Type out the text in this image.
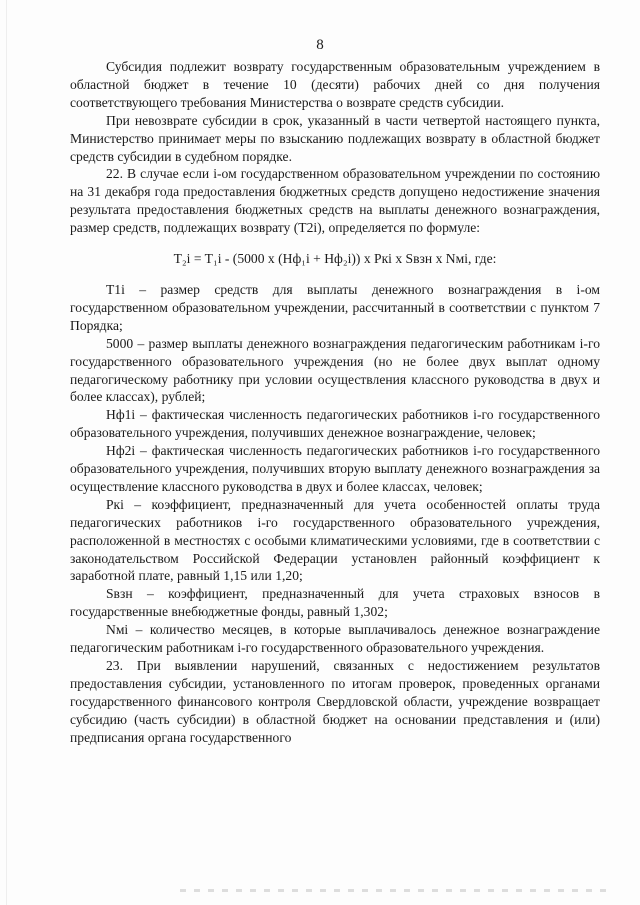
8

Субсидия подлежит возврату государственным образовательным учреждением в областной бюджет в течение 10 (десяти) рабочих дней со дня получения соответствующего требования Министерства о возврате средств субсидии.

При невозврате субсидии в срок, указанный в части четвертой настоящего пункта, Министерство принимает меры по взысканию подлежащих возврату в областной бюджет средств субсидии в судебном порядке.

22. В случае если i-ом государственном образовательном учреждении по состоянию на 31 декабря года предоставления бюджетных средств допущено недостижение значения результата предоставления бюджетных средств на выплаты денежного вознаграждения, размер средств, подлежащих возврату (T2i), определяется по формуле:

T₂i = T₁i - (5000 x (Нф₁i + Нф₂i)) x Pкi x Sвзн x Nмi, где:

T1i – размер средств для выплаты денежного вознаграждения в i-ом государственном образовательном учреждении, рассчитанный в соответствии с пунктом 7 Порядка;

5000 – размер выплаты денежного вознаграждения педагогическим работникам i-го государственного образовательного учреждения (но не более двух выплат одному педагогическому работнику при условии осуществления классного руководства в двух и более классах), рублей;

Нф1i – фактическая численность педагогических работников i-го государственного образовательного учреждения, получивших денежное вознаграждение, человек;

Нф2i – фактическая численность педагогических работников i-го государственного образовательного учреждения, получивших вторую выплату денежного вознаграждения за осуществление классного руководства в двух и более классах, человек;

Pкi – коэффициент, предназначенный для учета особенностей оплаты труда педагогических работников i-го государственного образовательного учреждения, расположенной в местностях с особыми климатическими условиями, где в соответствии с законодательством Российской Федерации установлен районный коэффициент к заработной плате, равный 1,15 или 1,20;

Sвзн – коэффициент, предназначенный для учета страховых взносов в государственные внебюджетные фонды, равный 1,302;

Nмi – количество месяцев, в которые выплачивалось денежное вознаграждение педагогическим работникам i-го государственного образовательного учреждения.

23. При выявлении нарушений, связанных с недостижением результатов предоставления субсидии, установленного по итогам проверок, проведенных органами государственного финансового контроля Свердловской области, учреждение возвращает субсидию (часть субсидии) в областной бюджет на основании представления и (или) предписания органа государственного
